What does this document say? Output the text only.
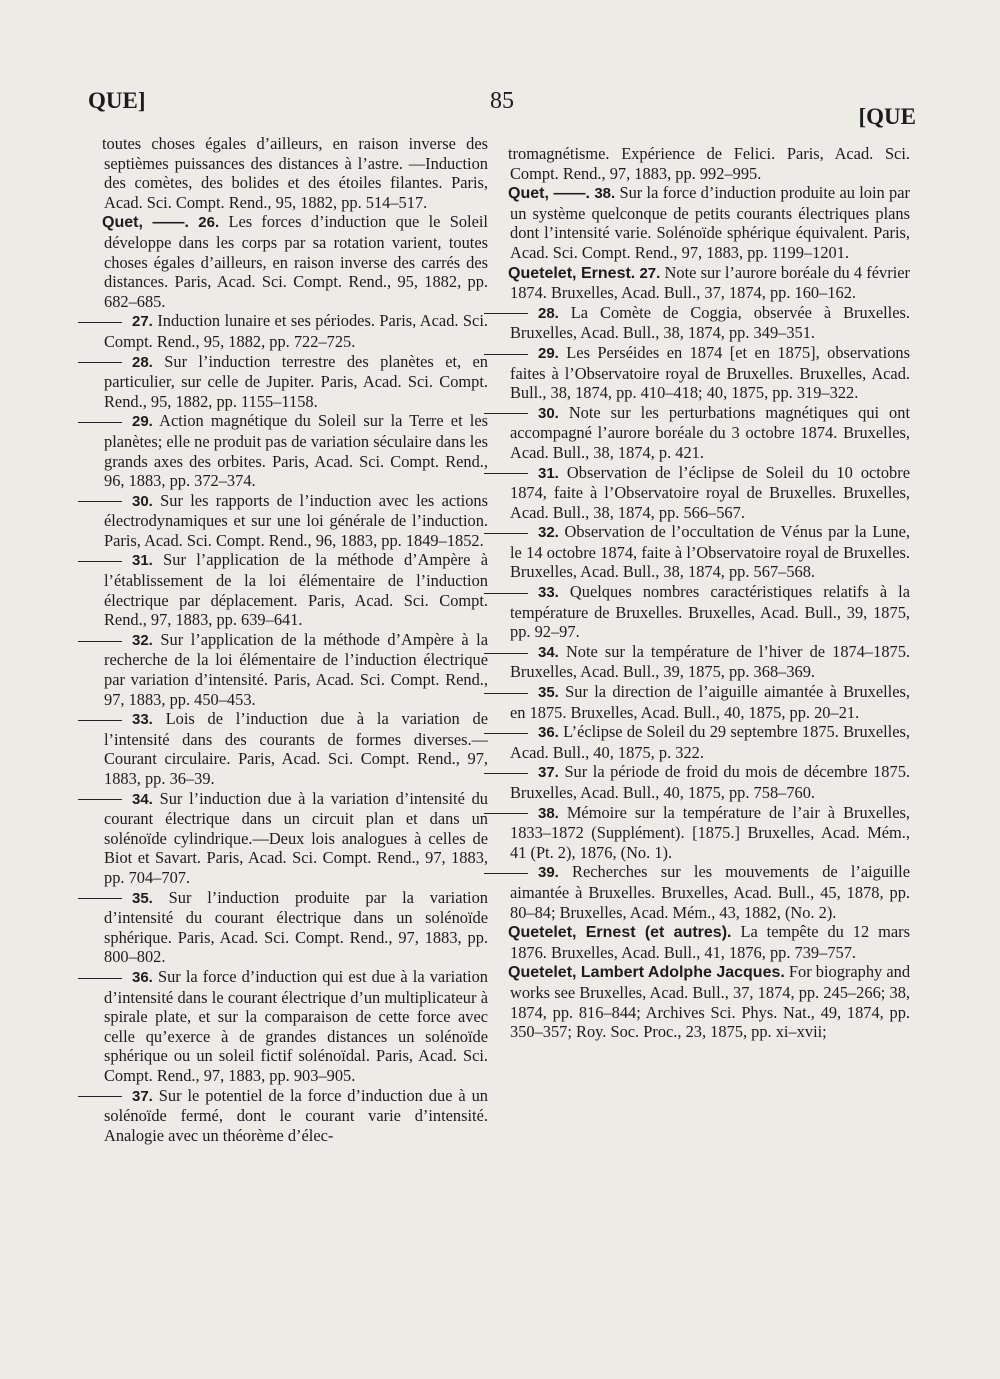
QUE]	85
[QUE

toutes choses égales d’ailleurs, en raison inverse des septièmes puissances des distances à l’astre. —Induction des comètes, des bolides et des étoiles filantes. Paris, Acad. Sci. Compt. Rend., 95, 1882, pp. 514–517.

Quet, ——. 26. Les forces d’induction que le Soleil développe dans les corps par sa rotation varient, toutes choses égales d’ailleurs, en raison inverse des carrés des distances. Paris, Acad. Sci. Compt. Rend., 95, 1882, pp. 682–685.

27. Induction lunaire et ses périodes. Paris, Acad. Sci. Compt. Rend., 95, 1882, pp. 722–725.

28. Sur l’induction terrestre des planètes et, en particulier, sur celle de Jupiter. Paris, Acad. Sci. Compt. Rend., 95, 1882, pp. 1155–1158.

29. Action magnétique du Soleil sur la Terre et les planètes; elle ne produit pas de variation séculaire dans les grands axes des orbites. Paris, Acad. Sci. Compt. Rend., 96, 1883, pp. 372–374.

30. Sur les rapports de l’induction avec les actions électrodynamiques et sur une loi générale de l’induction. Paris, Acad. Sci. Compt. Rend., 96, 1883, pp. 1849–1852.

31. Sur l’application de la méthode d’Ampère à l’établissement de la loi élémentaire de l’induction électrique par déplacement. Paris, Acad. Sci. Compt. Rend., 97, 1883, pp. 639–641.

32. Sur l’application de la méthode d’Ampère à la recherche de la loi élémentaire de l’induction électrique par variation d’intensité. Paris, Acad. Sci. Compt. Rend., 97, 1883, pp. 450–453.

33. Lois de l’induction due à la variation de l’intensité dans des courants de formes diverses.—Courant circulaire. Paris, Acad. Sci. Compt. Rend., 97, 1883, pp. 36–39.

34. Sur l’induction due à la variation d’intensité du courant électrique dans un circuit plan et dans un solénoïde cylindrique.—Deux lois analogues à celles de Biot et Savart. Paris, Acad. Sci. Compt. Rend., 97, 1883, pp. 704–707.

35. Sur l’induction produite par la variation d’intensité du courant électrique dans un solénoïde sphérique. Paris, Acad. Sci. Compt. Rend., 97, 1883, pp. 800–802.

36. Sur la force d’induction qui est due à la variation d’intensité dans le courant électrique d’un multiplicateur à spirale plate, et sur la comparaison de cette force avec celle qu’exerce à de grandes distances un solénoïde sphérique ou un soleil fictif solénoïdal. Paris, Acad. Sci. Compt. Rend., 97, 1883, pp. 903–905.

37. Sur le potentiel de la force d’induction due à un solénoïde fermé, dont le courant varie d’intensité. Analogie avec un théorème d’élec-

tromagnétisme. Expérience de Felici. Paris, Acad. Sci. Compt. Rend., 97, 1883, pp. 992–995.

Quet, ——. 38. Sur la force d’induction produite au loin par un système quelconque de petits courants électriques plans dont l’intensité varie. Solénoïde sphérique équivalent. Paris, Acad. Sci. Compt. Rend., 97, 1883, pp. 1199–1201.

Quetelet, Ernest. 27. Note sur l’aurore boréale du 4 février 1874. Bruxelles, Acad. Bull., 37, 1874, pp. 160–162.

28. La Comète de Coggia, observée à Bruxelles. Bruxelles, Acad. Bull., 38, 1874, pp. 349–351.

29. Les Perséides en 1874 [et en 1875], observations faites à l’Observatoire royal de Bruxelles. Bruxelles, Acad. Bull., 38, 1874, pp. 410–418; 40, 1875, pp. 319–322.

30. Note sur les perturbations magnétiques qui ont accompagné l’aurore boréale du 3 octobre 1874. Bruxelles, Acad. Bull., 38, 1874, p. 421.

31. Observation de l’éclipse de Soleil du 10 octobre 1874, faite à l’Observatoire royal de Bruxelles. Bruxelles, Acad. Bull., 38, 1874, pp. 566–567.

32. Observation de l’occultation de Vénus par la Lune, le 14 octobre 1874, faite à l’Observatoire royal de Bruxelles. Bruxelles, Acad. Bull., 38, 1874, pp. 567–568.

33. Quelques nombres caractéristiques relatifs à la température de Bruxelles. Bruxelles, Acad. Bull., 39, 1875, pp. 92–97.

34. Note sur la température de l’hiver de 1874–1875. Bruxelles, Acad. Bull., 39, 1875, pp. 368–369.

35. Sur la direction de l’aiguille aimantée à Bruxelles, en 1875. Bruxelles, Acad. Bull., 40, 1875, pp. 20–21.

36. L’éclipse de Soleil du 29 septembre 1875. Bruxelles, Acad. Bull., 40, 1875, p. 322.

37. Sur la période de froid du mois de décembre 1875. Bruxelles, Acad. Bull., 40, 1875, pp. 758–760.

38. Mémoire sur la température de l’air à Bruxelles, 1833–1872 (Supplément). [1875.] Bruxelles, Acad. Mém., 41 (Pt. 2), 1876, (No. 1).

39. Recherches sur les mouvements de l’aiguille aimantée à Bruxelles. Bruxelles, Acad. Bull., 45, 1878, pp. 80–84; Bruxelles, Acad. Mém., 43, 1882, (No. 2).

Quetelet, Ernest (et autres). La tempête du 12 mars 1876. Bruxelles, Acad. Bull., 41, 1876, pp. 739–757.

Quetelet, Lambert Adolphe Jacques. For biography and works see Bruxelles, Acad. Bull., 37, 1874, pp. 245–266; 38, 1874, pp. 816–844; Archives Sci. Phys. Nat., 49, 1874, pp. 350–357; Roy. Soc. Proc., 23, 1875, pp. xi–xvii;
